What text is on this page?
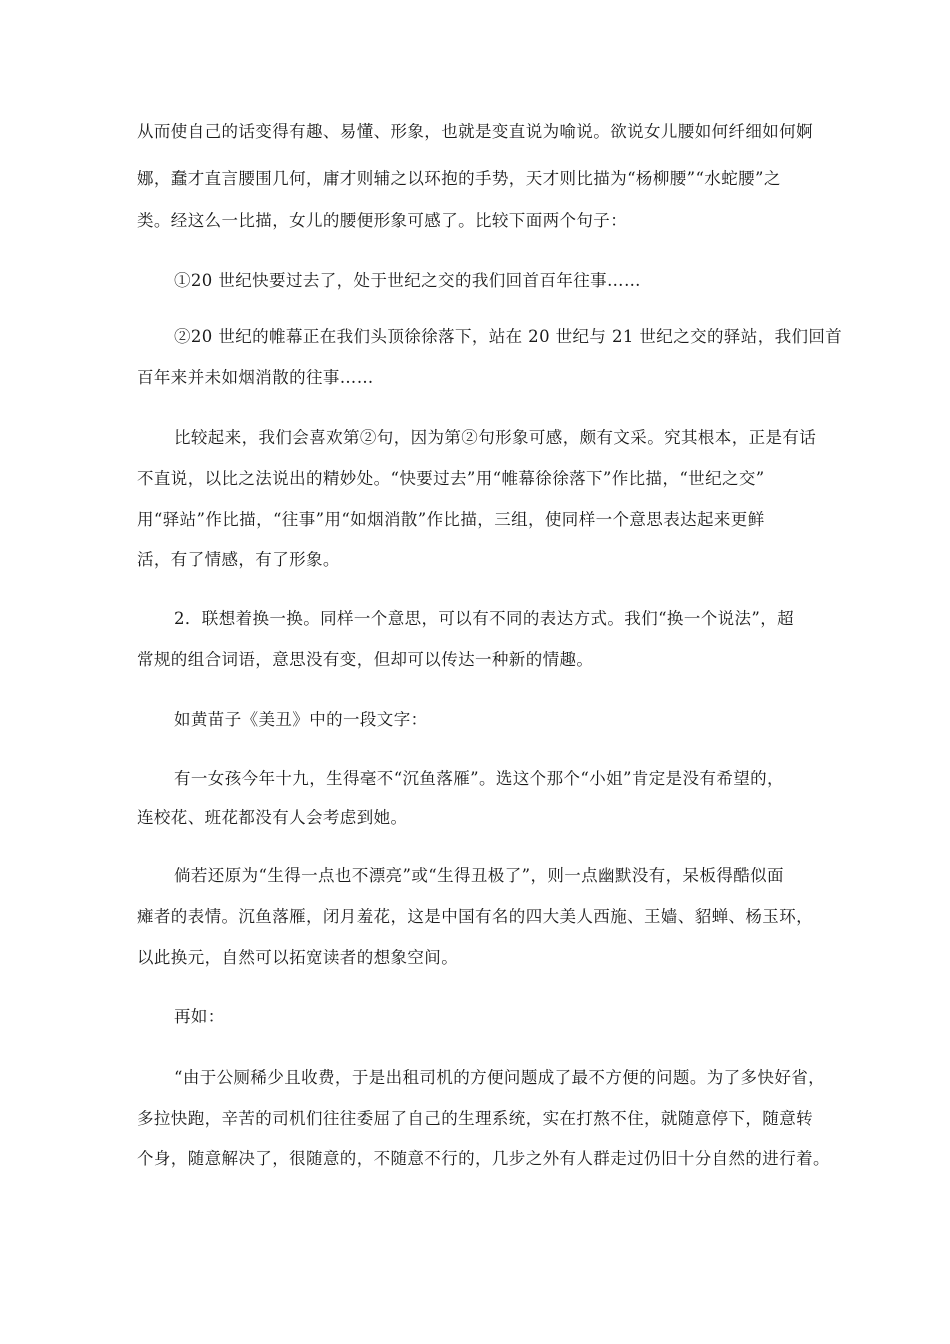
从而使自己的话变得有趣、易懂、形象，也就是变直说为喻说。欲说女儿腰如何纤细如何婀

娜，蠢才直言腰围几何，庸才则辅之以环抱的手势，天才则比描为“杨柳腰”“水蛇腰”之

类。经这么一比描，女儿的腰便形象可感了。比较下面两个句子：

①20 世纪快要过去了，处于世纪之交的我们回首百年往事……

②20 世纪的帷幕正在我们头顶徐徐落下，站在 20 世纪与 21 世纪之交的驿站，我们回首

百年来并未如烟消散的往事……

比较起来，我们会喜欢第②句，因为第②句形象可感，颇有文采。究其根本，正是有话

不直说，以比之法说出的精妙处。“快要过去”用“帷幕徐徐落下”作比描，“世纪之交”

用“驿站”作比描，“往事”用“如烟消散”作比描，三组，使同样一个意思表达起来更鲜

活，有了情感，有了形象。

2．联想着换一换。同样一个意思，可以有不同的表达方式。我们“换一个说法”，超

常规的组合词语，意思没有变，但却可以传达一种新的情趣。

如黄苗子《美丑》中的一段文字：

有一女孩今年十九，生得毫不“沉鱼落雁”。选这个那个“小姐”肯定是没有希望的，

连校花、班花都没有人会考虑到她。

倘若还原为“生得一点也不漂亮”或“生得丑极了”，则一点幽默没有，呆板得酷似面

瘫者的表情。沉鱼落雁，闭月羞花，这是中国有名的四大美人西施、王嫱、貂蝉、杨玉环，

以此换元，自然可以拓宽读者的想象空间。

再如：

“由于公厕稀少且收费，于是出租司机的方便问题成了最不方便的问题。为了多快好省，

多拉快跑，辛苦的司机们往往委屈了自己的生理系统，实在打熬不住，就随意停下，随意转

个身，随意解决了，很随意的，不随意不行的，几步之外有人群走过仍旧十分自然的进行着。
